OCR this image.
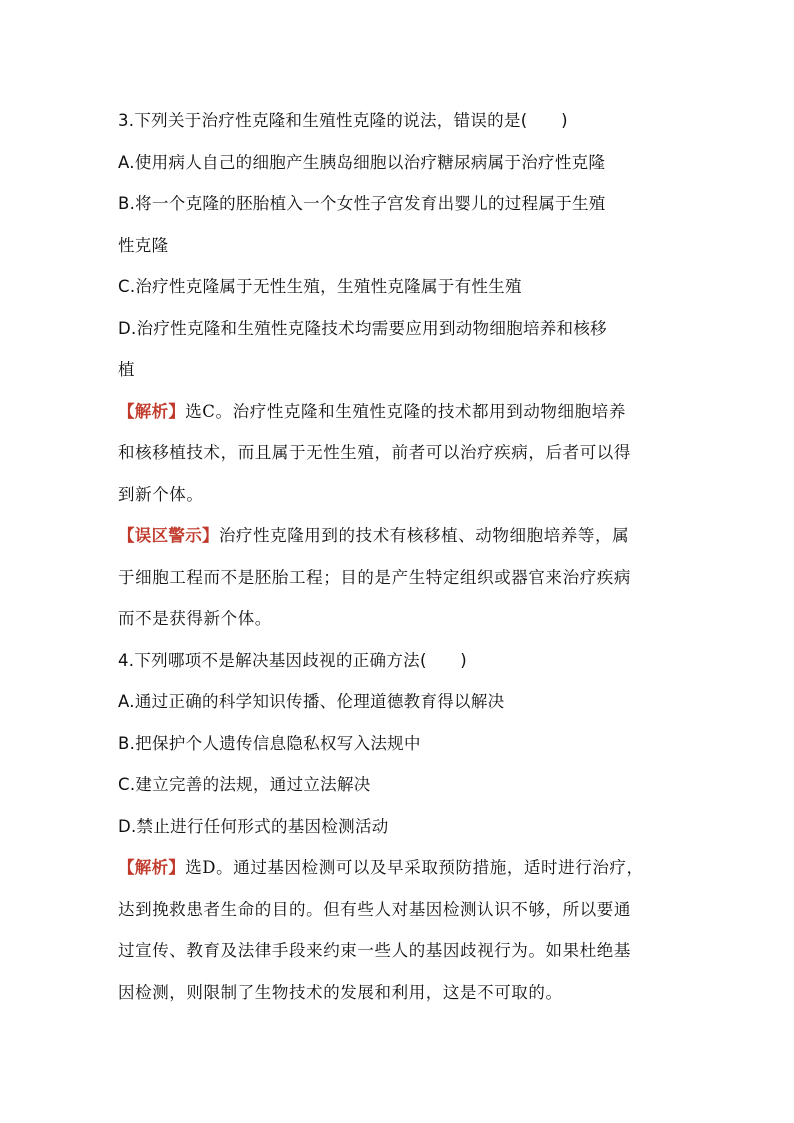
3.下列关于治疗性克隆和生殖性克隆的说法，错误的是(　　)
A.使用病人自己的细胞产生胰岛细胞以治疗糖尿病属于治疗性克隆
B.将一个克隆的胚胎植入一个女性子宫发育出婴儿的过程属于生殖
性克隆
C.治疗性克隆属于无性生殖，生殖性克隆属于有性生殖
D.治疗性克隆和生殖性克隆技术均需要应用到动物细胞培养和核移
植
【解析】选C。治疗性克隆和生殖性克隆的技术都用到动物细胞培养
和核移植技术，而且属于无性生殖，前者可以治疗疾病，后者可以得
到新个体。
【误区警示】治疗性克隆用到的技术有核移植、动物细胞培养等，属
于细胞工程而不是胚胎工程；目的是产生特定组织或器官来治疗疾病
而不是获得新个体。
4.下列哪项不是解决基因歧视的正确方法(　　)
A.通过正确的科学知识传播、伦理道德教育得以解决
B.把保护个人遗传信息隐私权写入法规中
C.建立完善的法规，通过立法解决
D.禁止进行任何形式的基因检测活动
【解析】选D。通过基因检测可以及早采取预防措施，适时进行治疗，
达到挽救患者生命的目的。但有些人对基因检测认识不够，所以要通
过宣传、教育及法律手段来约束一些人的基因歧视行为。如果杜绝基
因检测，则限制了生物技术的发展和利用，这是不可取的。
